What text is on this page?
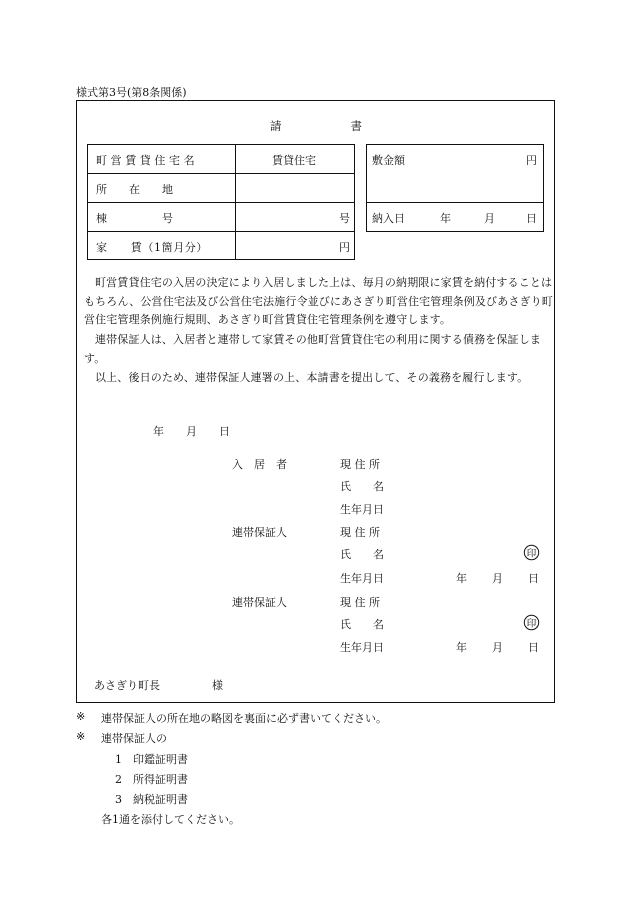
様式第3号(第8条関係)
請　　　　　　書
町営賃貸住宅名	賃貸住宅
所　　在　　地
棟　　　　　号	号
家　　賃（1箇月分）	円
敷金額	円
納入日	年	月	日
町営賃貸住宅の入居の決定により入居しました上は、毎月の納期限に家賃を納付することはもちろん、公営住宅法及び公営住宅法施行令並びにあさぎり町営住宅管理条例及びあさぎり町営住宅管理条例施行規則、あさぎり町営賃貸住宅管理条例を遵守します。
連帯保証人は、入居者と連帯して家賃その他町営賃貸住宅の利用に関する債務を保証します。
以上、後日のため、連帯保証人連署の上、本請書を提出して、その義務を履行します。
年　　月　　日
入　居　者	現 住 所
氏　　名
生年月日
連帯保証人	現 住 所
氏　　名	印
生年月日	年 月 日
連帯保証人	現 住 所
氏　　名	印
生年月日	年 月 日
あさぎり町長	様
※ 連帯保証人の所在地の略図を裏面に必ず書いてください。
※ 連帯保証人の
1　印鑑証明書
2　所得証明書
3　納税証明書
各1通を添付してください。
